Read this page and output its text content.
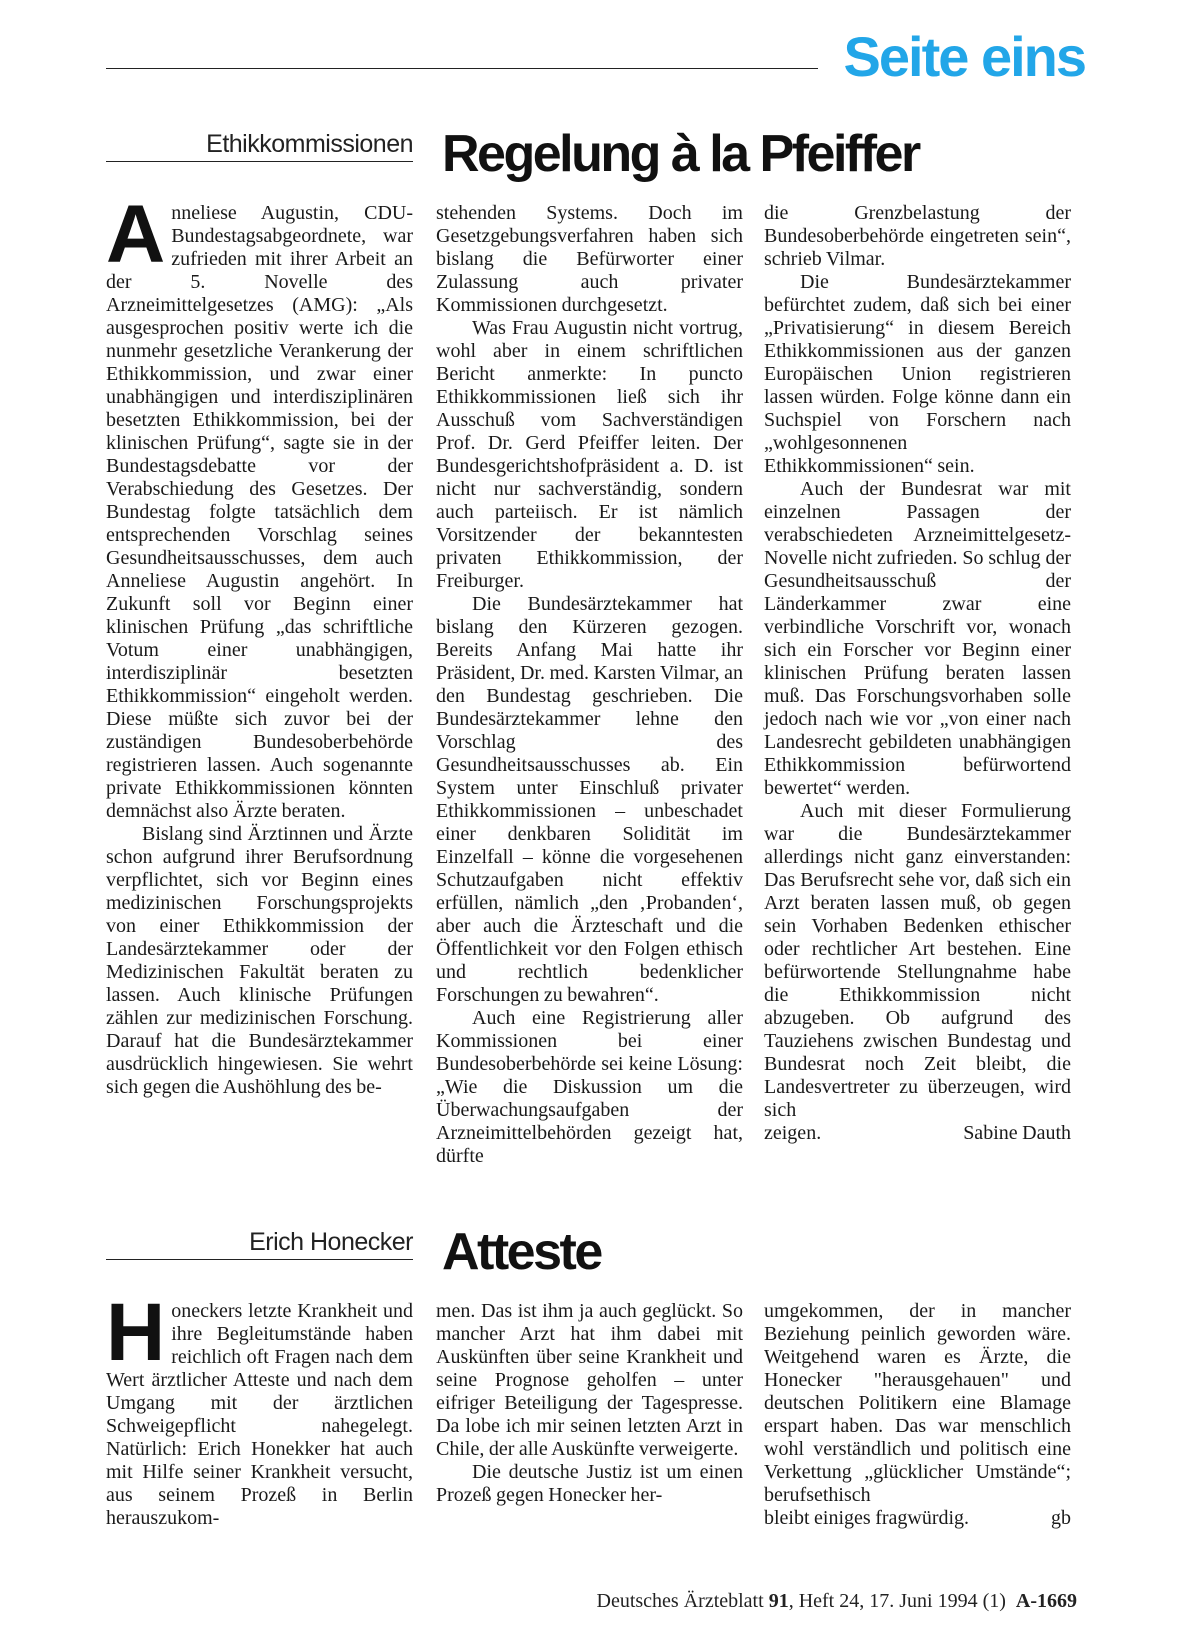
Seite eins
Ethikkommissionen Regelung à la Pfeiffer

Anneliese Augustin, CDU-Bundestagsabgeordnete, war zufrieden mit ihrer Arbeit an der 5. Novelle des Arzneimittelgesetzes (AMG): „Als ausgesprochen positiv werte ich die nunmehr gesetzliche Verankerung der Ethikkommission, und zwar einer unabhängigen und interdisziplinären besetzten Ethikkommission, bei der klinischen Prüfung“, sagte sie in der Bundestagsdebatte vor der Verabschiedung des Gesetzes. Der Bundestag folgte tatsächlich dem entsprechenden Vorschlag seines Gesundheitsausschusses, dem auch Anneliese Augustin angehört. In Zukunft soll vor Beginn einer klinischen Prüfung „das schriftliche Votum einer unabhängigen, interdisziplinär besetzten Ethikkommission“ eingeholt werden. Diese müßte sich zuvor bei der zuständigen Bundesoberbehörde registrieren lassen. Auch sogenannte private Ethikkommissionen könnten demnächst also Ärzte beraten.

Bislang sind Ärztinnen und Ärzte schon aufgrund ihrer Berufsordnung verpflichtet, sich vor Beginn eines medizinischen Forschungsprojekts von einer Ethikkommission der Landesärztekammer oder der Medizinischen Fakultät beraten zu lassen. Auch klinische Prüfungen zählen zur medizinischen Forschung. Darauf hat die Bundesärztekammer ausdrücklich hingewiesen. Sie wehrt sich gegen die Aushöhlung des be-

stehenden Systems. Doch im Gesetzgebungsverfahren haben sich bislang die Befürworter einer Zulassung auch privater Kommissionen durchgesetzt.

Was Frau Augustin nicht vortrug, wohl aber in einem schriftlichen Bericht anmerkte: In puncto Ethikkommissionen ließ sich ihr Ausschuß vom Sachverständigen Prof. Dr. Gerd Pfeiffer leiten. Der Bundesgerichtshofpräsident a. D. ist nicht nur sachverständig, sondern auch parteiisch. Er ist nämlich Vorsitzender der bekanntesten privaten Ethikkommission, der Freiburger.

Die Bundesärztekammer hat bislang den Kürzeren gezogen. Bereits Anfang Mai hatte ihr Präsident, Dr. med. Karsten Vilmar, an den Bundestag geschrieben. Die Bundesärztekammer lehne den Vorschlag des Gesundheitsausschusses ab. Ein System unter Einschluß privater Ethikkommissionen – unbeschadet einer denkbaren Solidität im Einzelfall – könne die vorgesehenen Schutzaufgaben nicht effektiv erfüllen, nämlich „den ‚Probanden‘, aber auch die Ärzteschaft und die Öffentlichkeit vor den Folgen ethisch und rechtlich bedenklicher Forschungen zu bewahren“.

Auch eine Registrierung aller Kommissionen bei einer Bundesoberbehörde sei keine Lösung: „Wie die Diskussion um die Überwachungsaufgaben der Arzneimittelbehörden gezeigt hat, dürfte

die Grenzbelastung der Bundesoberbehörde eingetreten sein“, schrieb Vilmar.

Die Bundesärztekammer befürchtet zudem, daß sich bei einer „Privatisierung“ in diesem Bereich Ethikkommissionen aus der ganzen Europäischen Union registrieren lassen würden. Folge könne dann ein Suchspiel von Forschern nach „wohlgesonnenen Ethikkommissionen“ sein.

Auch der Bundesrat war mit einzelnen Passagen der verabschiedeten Arzneimittelgesetz-Novelle nicht zufrieden. So schlug der Gesundheitsausschuß der Länderkammer zwar eine verbindliche Vorschrift vor, wonach sich ein Forscher vor Beginn einer klinischen Prüfung beraten lassen muß. Das Forschungsvorhaben solle jedoch nach wie vor „von einer nach Landesrecht gebildeten unabhängigen Ethikkommission befürwortend bewertet“ werden.

Auch mit dieser Formulierung war die Bundesärztekammer allerdings nicht ganz einverstanden: Das Berufsrecht sehe vor, daß sich ein Arzt beraten lassen muß, ob gegen sein Vorhaben Bedenken ethischer oder rechtlicher Art bestehen. Eine befürwortende Stellungnahme habe die Ethikkommission nicht abzugeben. Ob aufgrund des Tauziehens zwischen Bundestag und Bundesrat noch Zeit bleibt, die Landesvertreter zu überzeugen, wird sich

zeigen.	Sabine Dauth
Erich Honecker Atteste

Honeckers letzte Krankheit und ihre Begleitumstände haben reichlich oft Fragen nach dem Wert ärztlicher Atteste und nach dem Umgang mit der ärztlichen Schweigepflicht nahegelegt. Natürlich: Erich Honekker hat auch mit Hilfe seiner Krankheit versucht, aus seinem Prozeß in Berlin herauszukom-

men. Das ist ihm ja auch geglückt. So mancher Arzt hat ihm dabei mit Auskünften über seine Krankheit und seine Prognose geholfen – unter eifriger Beteiligung der Tagespresse. Da lobe ich mir seinen letzten Arzt in Chile, der alle Auskünfte verweigerte.

Die deutsche Justiz ist um einen Prozeß gegen Honecker her-

umgekommen, der in mancher Beziehung peinlich geworden wäre. Weitgehend waren es Ärzte, die Honecker "herausgehauen" und deutschen Politikern eine Blamage erspart haben. Das war menschlich wohl verständlich und politisch eine Verkettung „glücklicher Umstände“; berufsethisch

bleibt einiges fragwürdig.	gb
Deutsches Ärzteblatt 91, Heft 24, 17. Juni 1994 (1) A-1669
